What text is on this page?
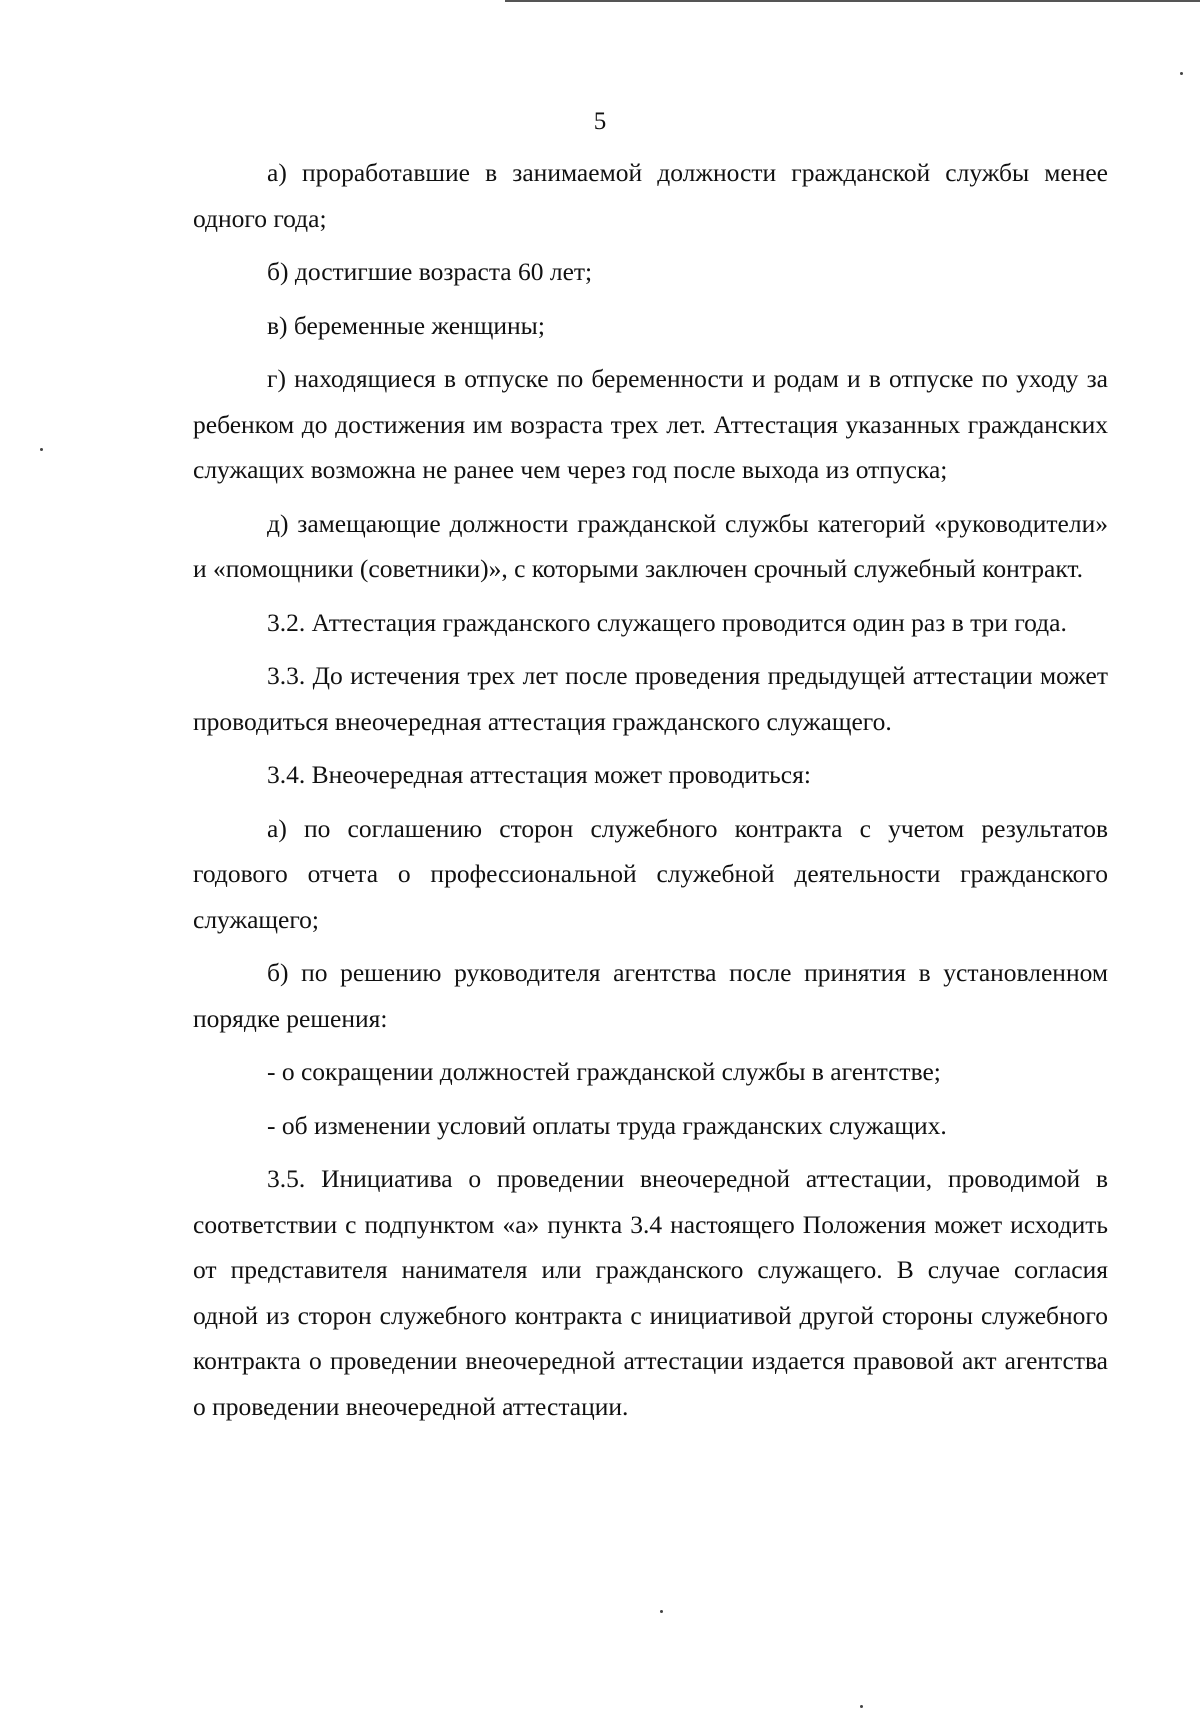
5

а) проработавшие в занимаемой должности гражданской службы менее одного года;

б) достигшие возраста 60 лет;

в) беременные женщины;

г) находящиеся в отпуске по беременности и родам и в отпуске по уходу за ребенком до достижения им возраста трех лет. Аттестация указанных гражданских служащих возможна не ранее чем через год после выхода из отпуска;

д) замещающие должности гражданской службы категорий «руководители» и «помощники (советники)», с которыми заключен срочный служебный контракт.

3.2. Аттестация гражданского служащего проводится один раз в три года.

3.3. До истечения трех лет после проведения предыдущей аттестации может проводиться внеочередная аттестация гражданского служащего.

3.4. Внеочередная аттестация может проводиться:

а) по соглашению сторон служебного контракта с учетом результатов годового отчета о профессиональной служебной деятельности гражданского служащего;

б) по решению руководителя агентства после принятия в установленном порядке решения:

- о сокращении должностей гражданской службы в агентстве;

- об изменении условий оплаты труда гражданских служащих.

3.5. Инициатива о проведении внеочередной аттестации, проводимой в соответствии с подпунктом «а» пункта 3.4 настоящего Положения может исходить от представителя нанимателя или гражданского служащего. В случае согласия одной из сторон служебного контракта с инициативой другой стороны служебного контракта о проведении внеочередной аттестации издается правовой акт агентства о проведении внеочередной аттестации.
